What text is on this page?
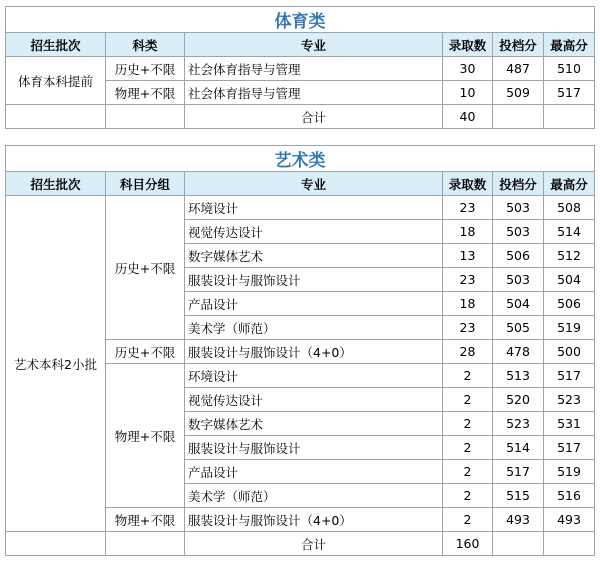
体育类					
招生批次	科类	专业	录取数	投档分	最高分
体育本科提前	历史+不限	社会体育指导与管理	30	487	510
	物理+不限	社会体育指导与管理	10	509	517
		合计	40		
艺术类					
招生批次	科目分组	专业	录取数	投档分	最高分
艺术本科2小批	历史+不限	环境设计	23	503	508
		视觉传达设计	18	503	514
		数字媒体艺术	13	506	512
		服装设计与服饰设计	23	503	504
		产品设计	18	504	506
		美术学（师范）	23	505	519
	历史+不限	服装设计与服饰设计（4+0）	28	478	500
	物理+不限	环境设计	2	513	517
		视觉传达设计	2	520	523
		数字媒体艺术	2	523	531
		服装设计与服饰设计	2	514	517
		产品设计	2	517	519
		美术学（师范）	2	515	516
	物理+不限	服装设计与服饰设计（4+0）	2	493	493
		合计	160		
